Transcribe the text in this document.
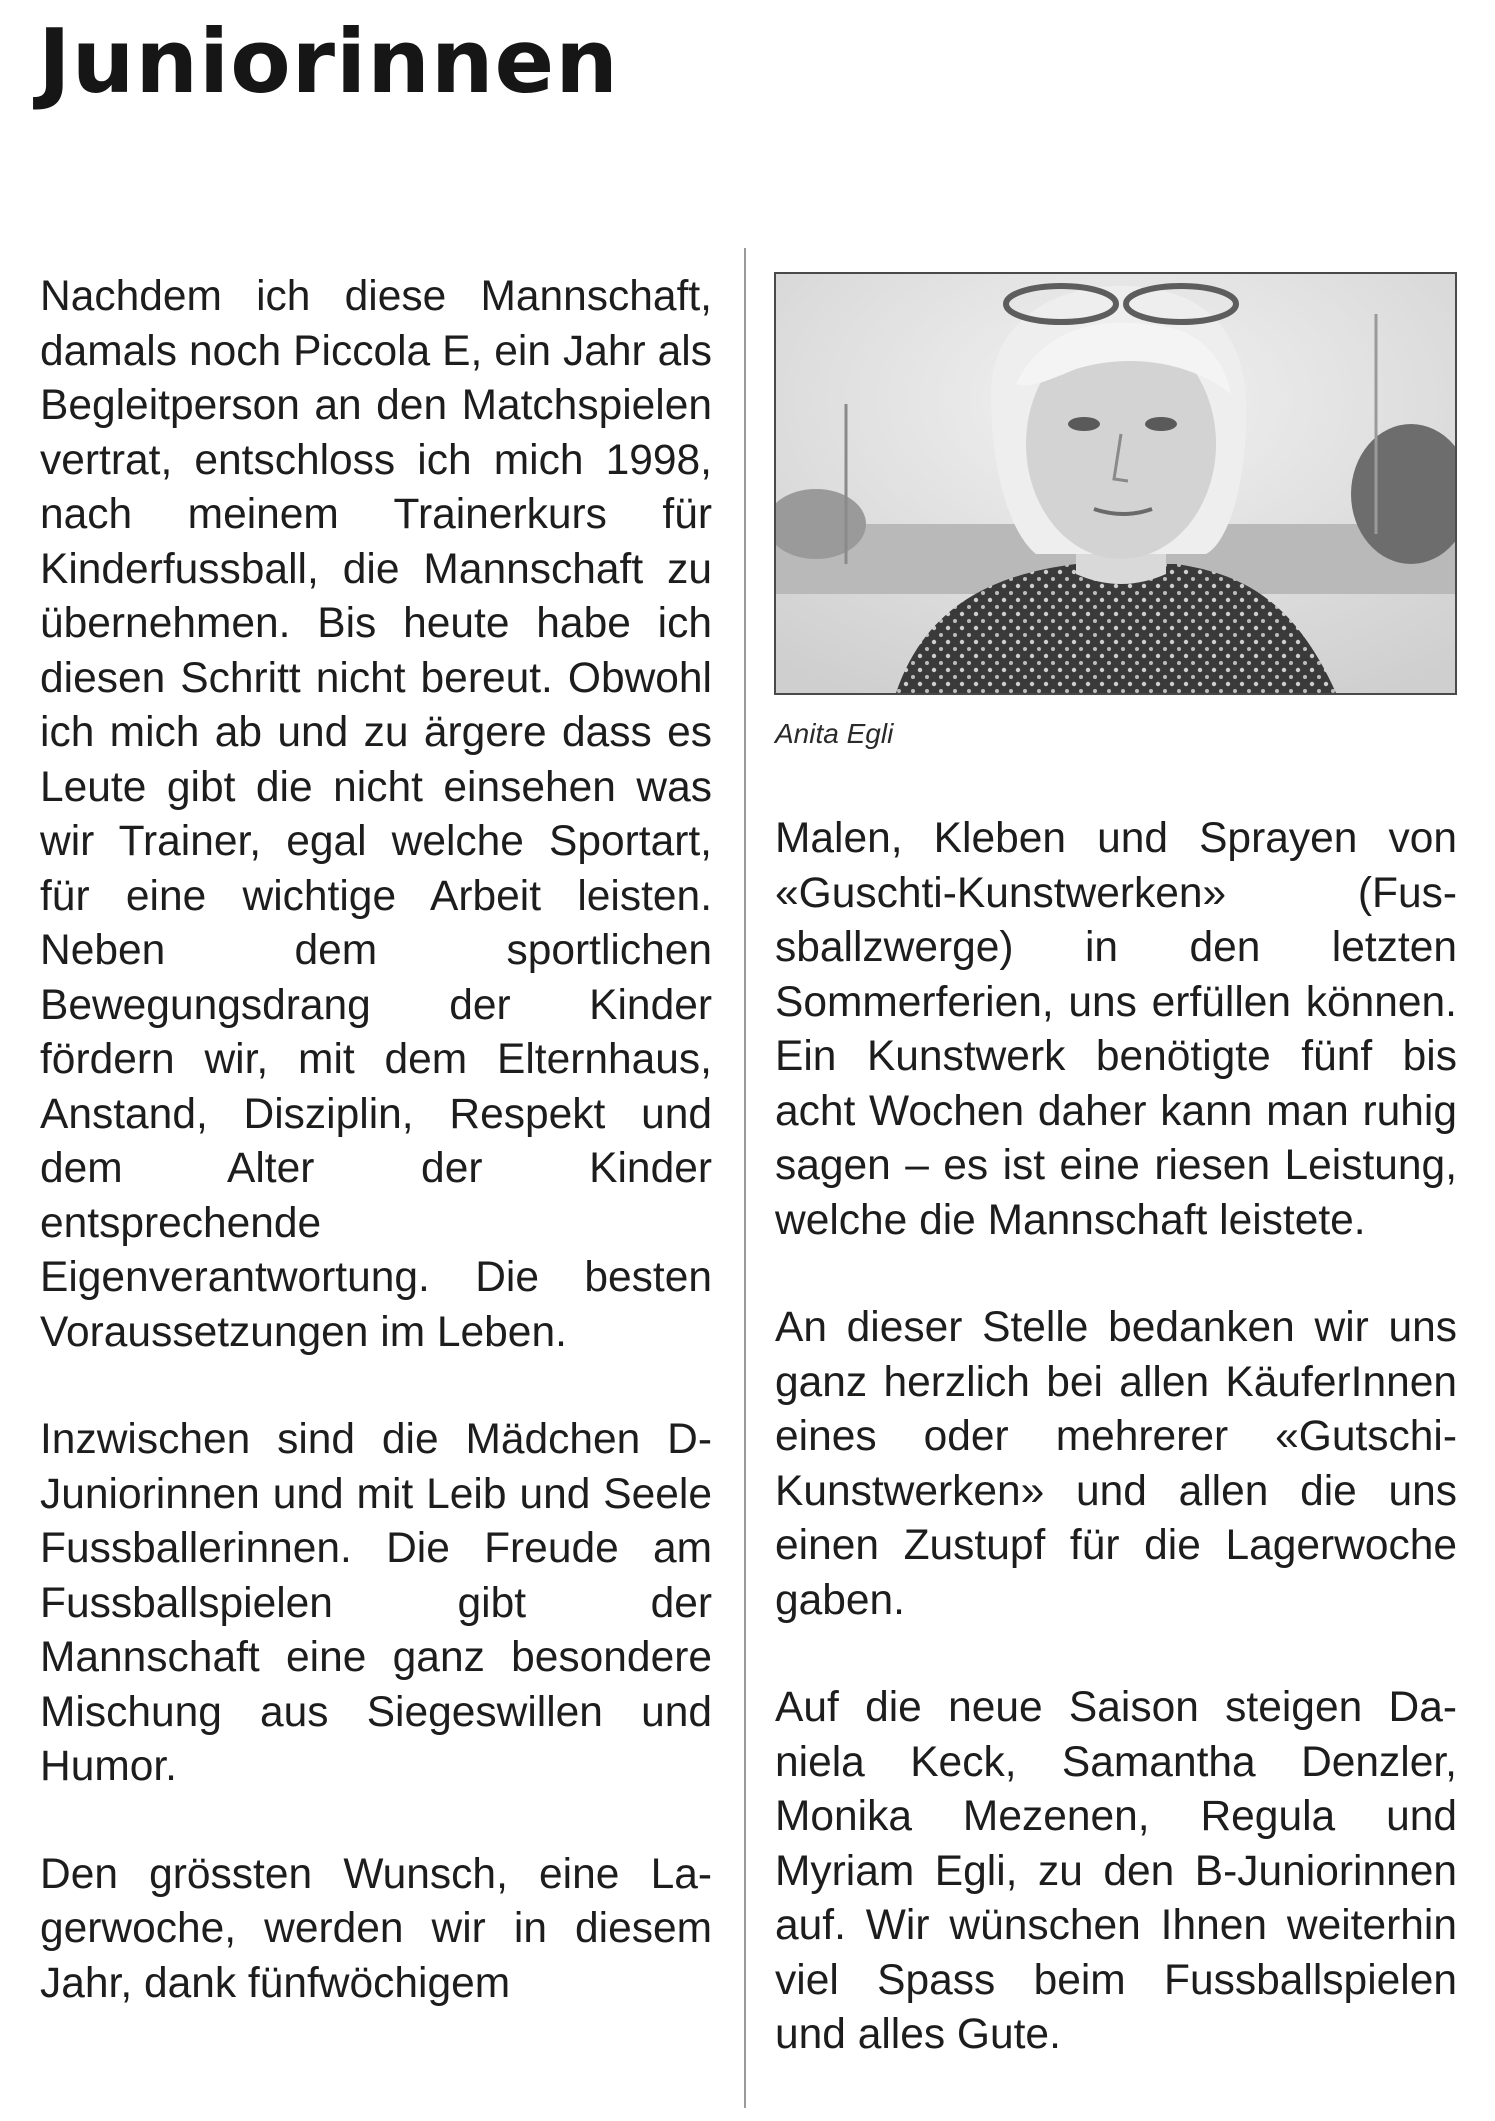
Juniorinnen

Nachdem ich diese Mannschaft, damals noch Piccola E, ein Jahr als Begleitperson an den Matchspielen vertrat, entschloss ich mich 1998, nach meinem Trainerkurs für Kinderfussball, die Mannschaft zu übernehmen. Bis heute habe ich diesen Schritt nicht bereut. Obwohl ich mich ab und zu ärgere dass es Leute gibt die nicht einsehen was wir Trainer, egal welche Sportart, für eine wichtige Arbeit leisten. Neben dem sportlichen Bewegungsdrang der Kinder fördern wir, mit dem Elternhaus, Anstand, Disziplin, Respekt und dem Alter der Kinder entsprechende Eigenverantwortung. Die besten Voraussetzungen im Leben.

Inzwischen sind die Mädchen D-Juniorinnen und mit Leib und Seele Fussballerinnen. Die Freude am Fussballspielen gibt der Mannschaft eine ganz besondere Mischung aus Siegeswillen und Humor.

Den grössten Wunsch, eine Lagerwoche, werden wir in diesem Jahr, dank fünfwöchigem

Anita Egli

Malen, Kleben und Sprayen von «Guschti-Kunstwerken» (Fussballzwerge) in den letzten Sommerferien, uns erfüllen können. Ein Kunstwerk benötigte fünf bis acht Wochen daher kann man ruhig sagen – es ist eine riesen Leistung, welche die Mannschaft leistete.

An dieser Stelle bedanken wir uns ganz herzlich bei allen KäuferInnen eines oder mehrerer «Gutschi-Kunstwerken» und allen die uns einen Zustupf für die Lagerwoche gaben.

Auf die neue Saison steigen Daniela Keck, Samantha Denzler, Monika Mezenen, Regula und Myriam Egli, zu den B-Juniorinnen auf. Wir wünschen Ihnen weiterhin viel Spass beim Fussballspielen und alles Gute.
